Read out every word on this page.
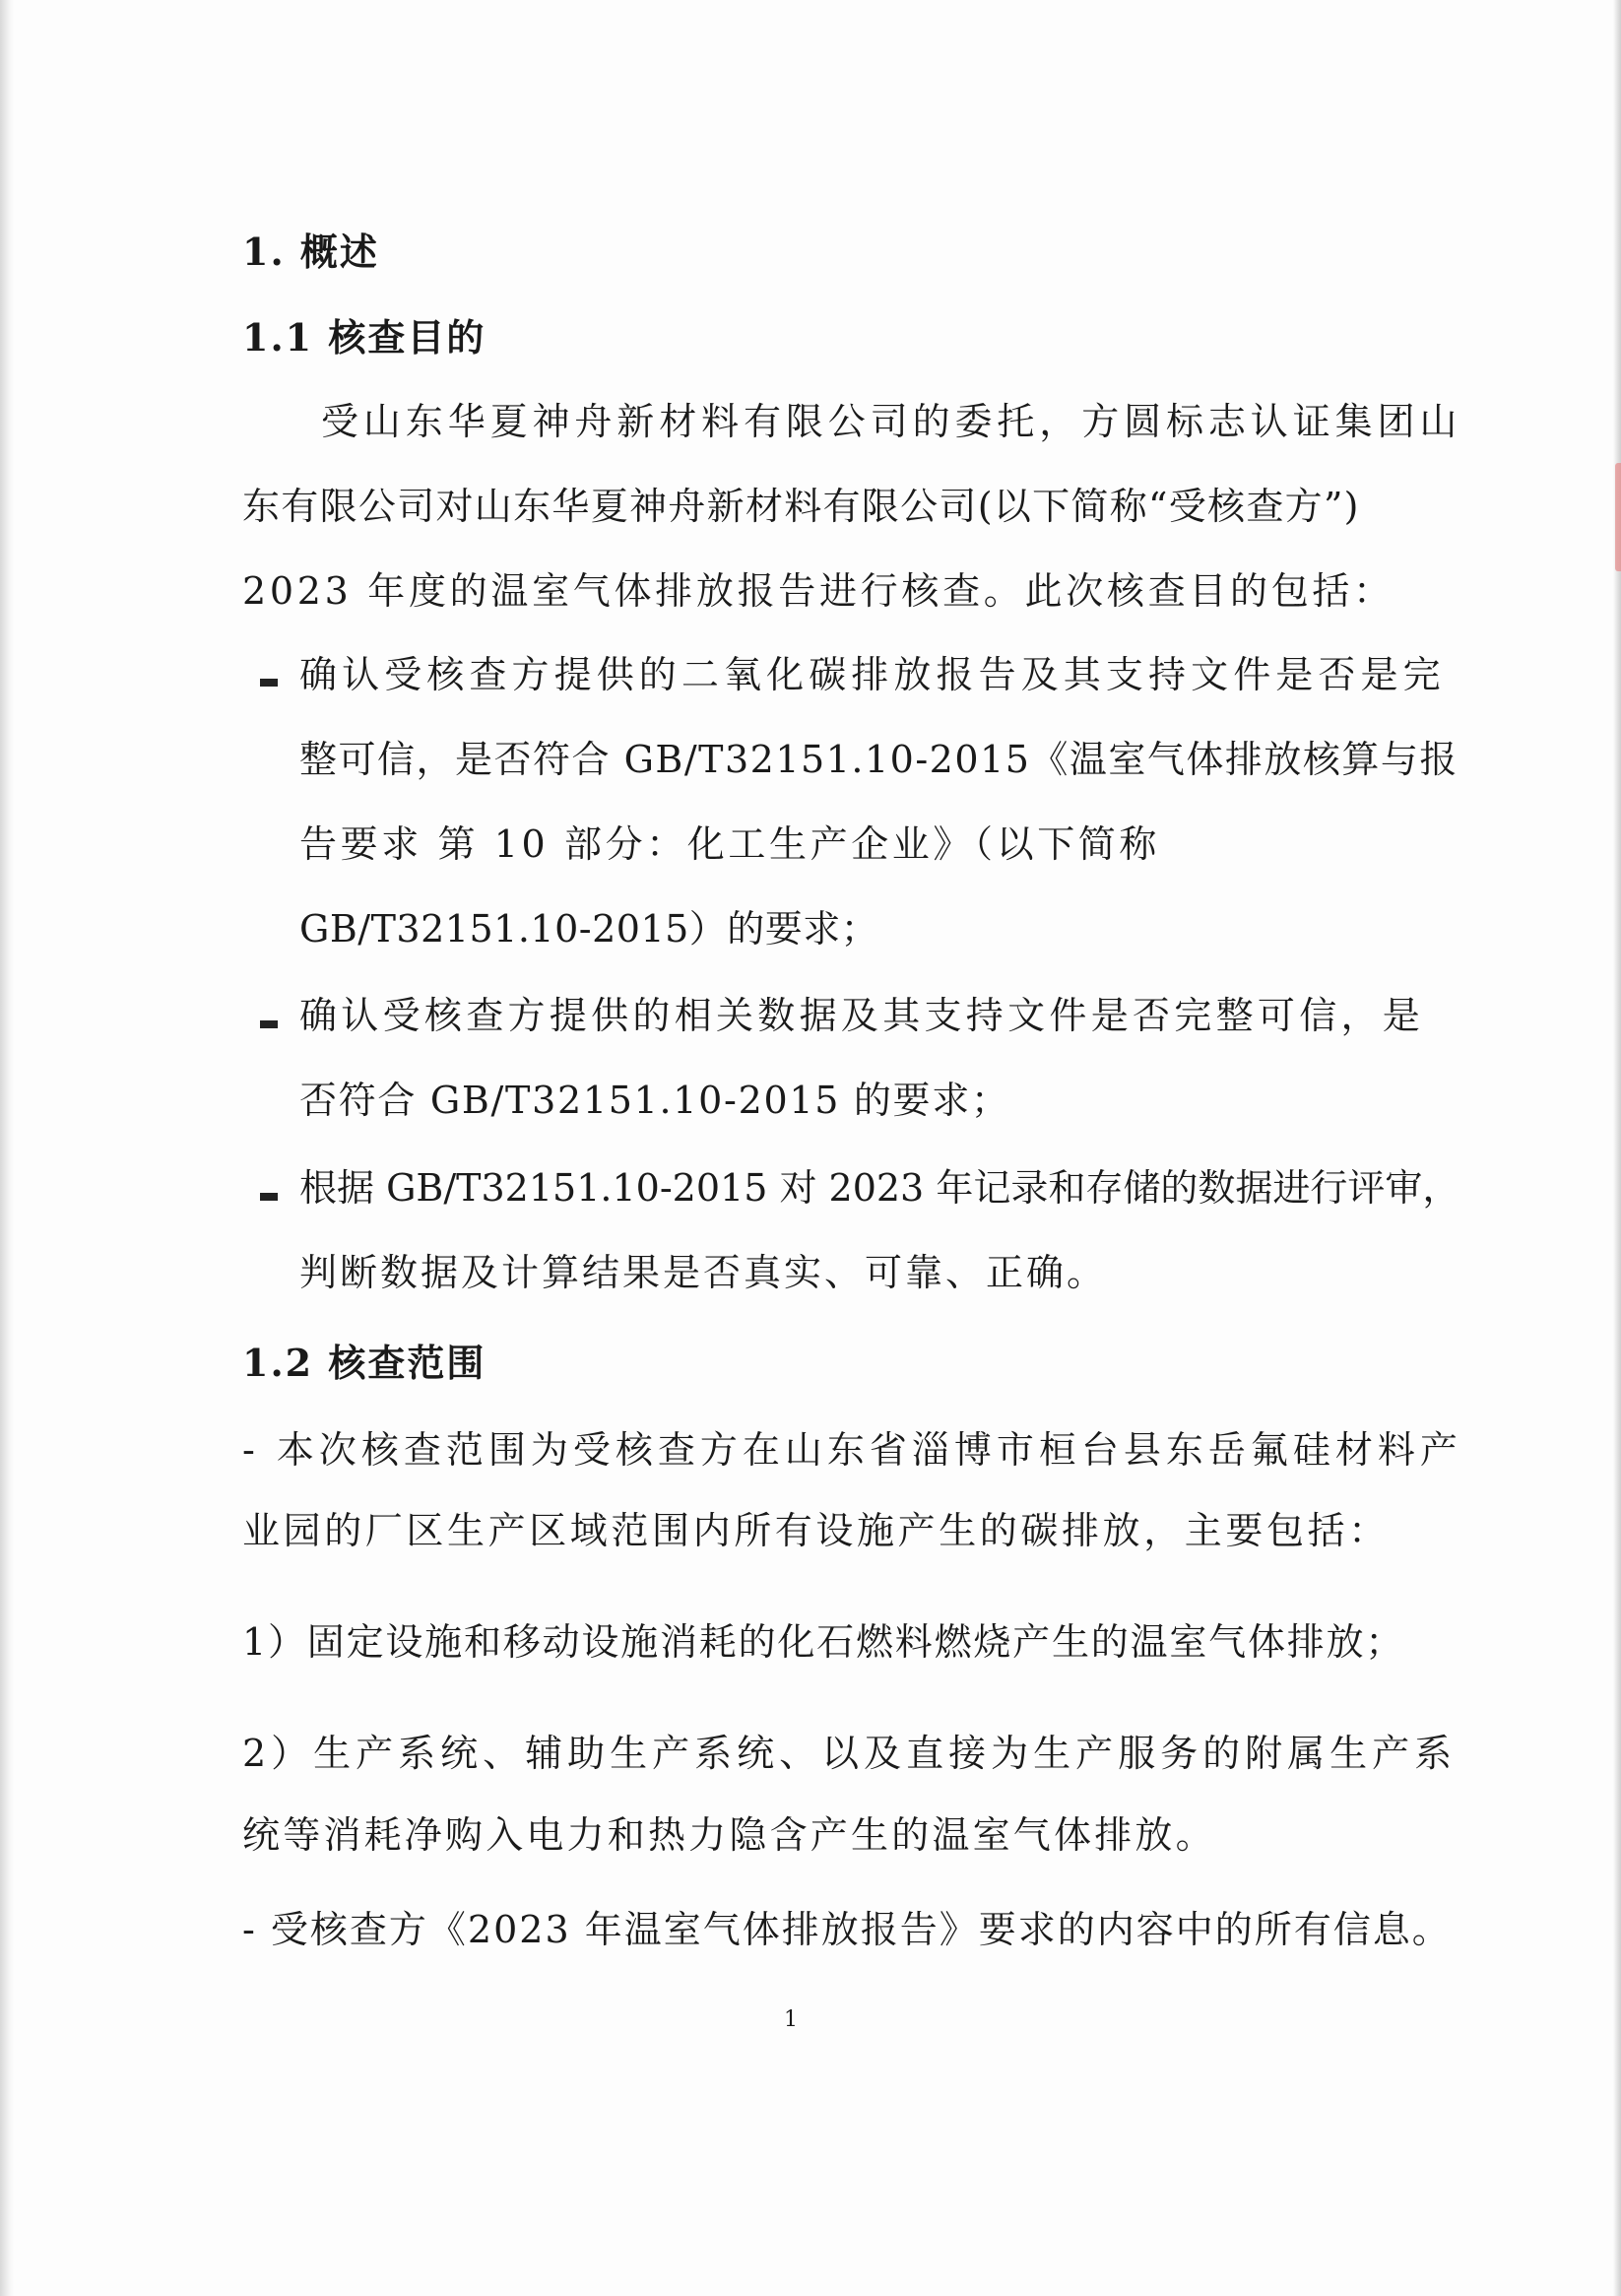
1. 概述
1.1 核查目的
受山东华夏神舟新材料有限公司的委托，方圆标志认证集团山
东有限公司对山东华夏神舟新材料有限公司(以下简称“受核查方”)
2023 年度的温室气体排放报告进行核查。此次核查目的包括：
确认受核查方提供的二氧化碳排放报告及其支持文件是否是完
整可信，是否符合 GB/T32151.10-2015《温室气体排放核算与报
告要求 第 10 部分：化工生产企业》（以下简称
GB/T32151.10-2015）的要求；
确认受核查方提供的相关数据及其支持文件是否完整可信，是
否符合 GB/T32151.10-2015 的要求；
根据 GB/T32151.10-2015 对 2023 年记录和存储的数据进行评审，
判断数据及计算结果是否真实、可靠、正确。
1.2 核查范围
- 本次核查范围为受核查方在山东省淄博市桓台县东岳氟硅材料产
业园的厂区生产区域范围内所有设施产生的碳排放，主要包括：
1）固定设施和移动设施消耗的化石燃料燃烧产生的温室气体排放；
2）生产系统、辅助生产系统、以及直接为生产服务的附属生产系
统等消耗净购入电力和热力隐含产生的温室气体排放。
- 受核查方《2023 年温室气体排放报告》要求的内容中的所有信息。
1
